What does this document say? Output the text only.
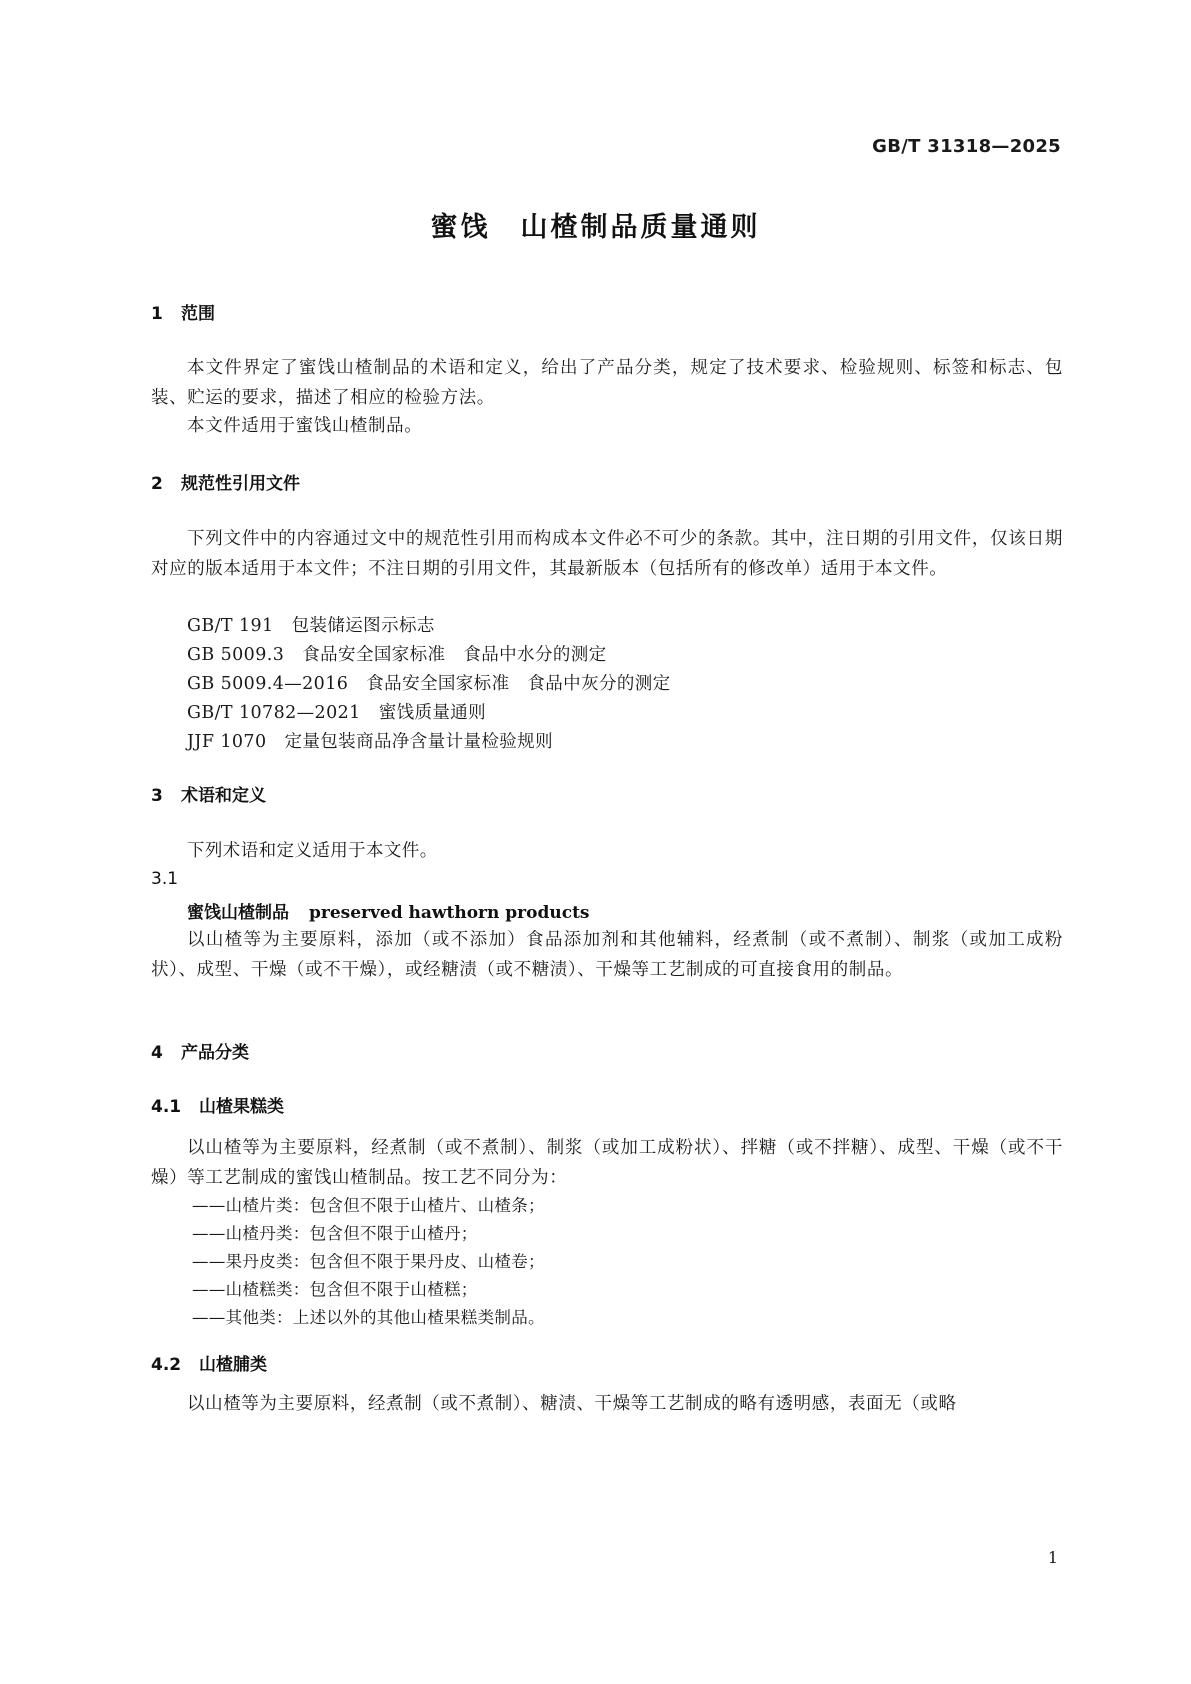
GB/T 31318—2025
蜜饯　山楂制品质量通则
1 范围
本文件界定了蜜饯山楂制品的术语和定义，给出了产品分类，规定了技术要求、检验规则、标签和标志、包装、贮运的要求，描述了相应的检验方法。
本文件适用于蜜饯山楂制品。
2 规范性引用文件
下列文件中的内容通过文中的规范性引用而构成本文件必不可少的条款。其中，注日期的引用文件，仅该日期对应的版本适用于本文件；不注日期的引用文件，其最新版本（包括所有的修改单）适用于本文件。
GB/T 191 包装储运图示标志
GB 5009.3 食品安全国家标准　食品中水分的测定
GB 5009.4—2016 食品安全国家标准　食品中灰分的测定
GB/T 10782—2021 蜜饯质量通则
JJF 1070 定量包装商品净含量计量检验规则
3 术语和定义
下列术语和定义适用于本文件。
3.1
蜜饯山楂制品 preserved hawthorn products
以山楂等为主要原料，添加（或不添加）食品添加剂和其他辅料，经煮制（或不煮制）、制浆（或加工成粉状）、成型、干燥（或不干燥），或经糖渍（或不糖渍）、干燥等工艺制成的可直接食用的制品。
4 产品分类
4.1 山楂果糕类
以山楂等为主要原料，经煮制（或不煮制）、制浆（或加工成粉状）、拌糖（或不拌糖）、成型、干燥（或不干燥）等工艺制成的蜜饯山楂制品。按工艺不同分为：
——山楂片类：包含但不限于山楂片、山楂条；
——山楂丹类：包含但不限于山楂丹；
——果丹皮类：包含但不限于果丹皮、山楂卷；
——山楂糕类：包含但不限于山楂糕；
——其他类：上述以外的其他山楂果糕类制品。
4.2 山楂脯类
以山楂等为主要原料，经煮制（或不煮制）、糖渍、干燥等工艺制成的略有透明感，表面无（或略
1
